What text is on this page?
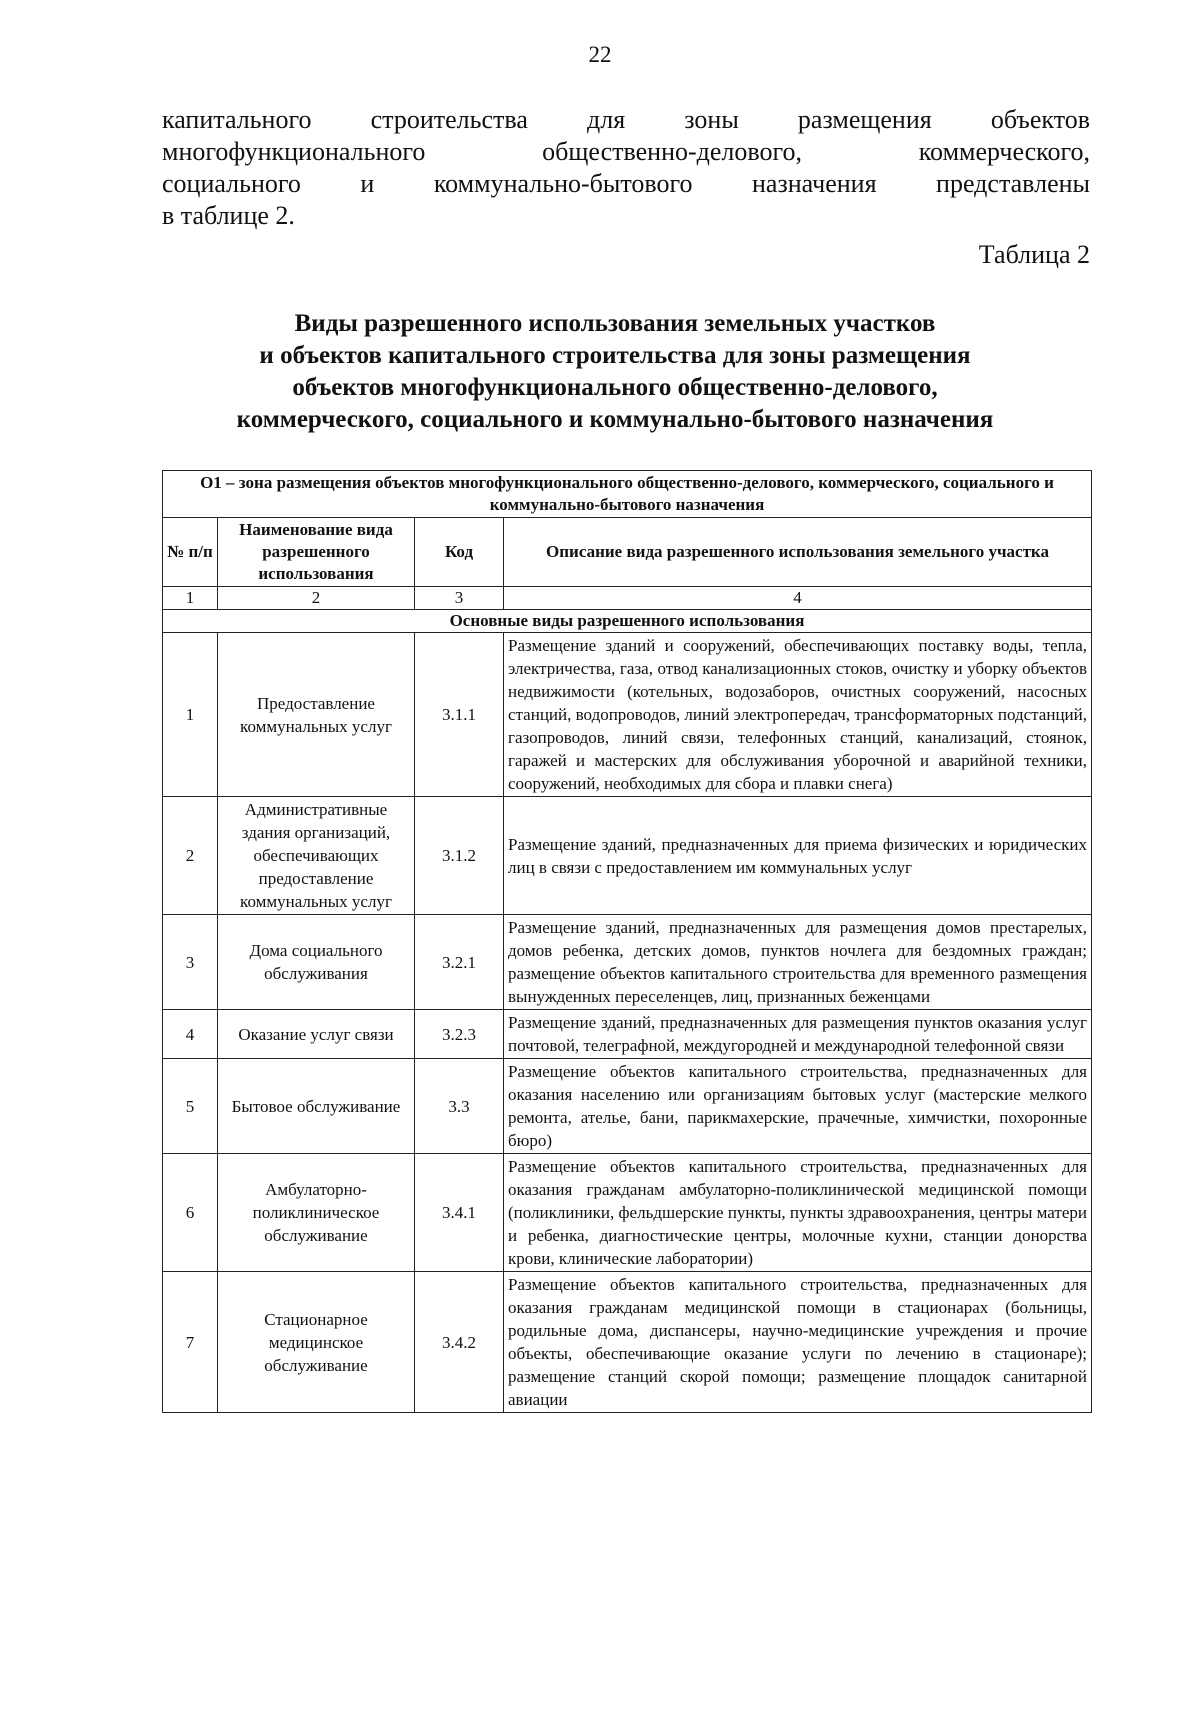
22
капитального строительства для зоны размещения объектов
многофункционального общественно-делового, коммерческого,
социального и коммунально-бытового назначения представлены
в таблице 2.
Таблица 2
Виды разрешенного использования земельных участков
и объектов капитального строительства для зоны размещения
объектов многофункционального общественно-делового,
коммерческого, социального и коммунально-бытового назначения
О1 – зона размещения объектов многофункционального общественно-делового, коммерческого, социального и коммунально-бытового назначения			
№ п/п	Наименование вида разрешенного использования	Код	Описание вида разрешенного использования земельного участка
1	2	3	4
Основные виды разрешенного использования			
1	Предоставление коммунальных услуг	3.1.1	Размещение зданий и сооружений, обеспечивающих поставку воды, тепла, электричества, газа, отвод канализационных стоков, очистку и уборку объектов недвижимости (котельных, водозаборов, очистных сооружений, насосных станций, водопроводов, линий электропередач, трансформаторных подстанций, газопроводов, линий связи, телефонных станций, канализаций, стоянок, гаражей и мастерских для обслуживания уборочной и аварийной техники, сооружений, необходимых для сбора и плавки снега)
2	Административные здания организаций, обеспечивающих предоставление коммунальных услуг	3.1.2	Размещение зданий, предназначенных для приема физических и юридических лиц в связи с предоставлением им коммунальных услуг
3	Дома социального обслуживания	3.2.1	Размещение зданий, предназначенных для размещения домов престарелых, домов ребенка, детских домов, пунктов ночлега для бездомных граждан; размещение объектов капитального строительства для временного размещения вынужденных переселенцев, лиц, признанных беженцами
4	Оказание услуг связи	3.2.3	Размещение зданий, предназначенных для размещения пунктов оказания услуг почтовой, телеграфной, междугородней и международной телефонной связи
5	Бытовое обслуживание	3.3	Размещение объектов капитального строительства, предназначенных для оказания населению или организациям бытовых услуг (мастерские мелкого ремонта, ателье, бани, парикмахерские, прачечные, химчистки, похоронные бюро)
6	Амбулаторно-поликлиническое обслуживание	3.4.1	Размещение объектов капитального строительства, предназначенных для оказания гражданам амбулаторно-поликлинической медицинской помощи (поликлиники, фельдшерские пункты, пункты здравоохранения, центры матери и ребенка, диагностические центры, молочные кухни, станции донорства крови, клинические лаборатории)
7	Стационарное медицинское обслуживание	3.4.2	Размещение объектов капитального строительства, предназначенных для оказания гражданам медицинской помощи в стационарах (больницы, родильные дома, диспансеры, научно-медицинские учреждения и прочие объекты, обеспечивающие оказание услуги по лечению в стационаре); размещение станций скорой помощи; размещение площадок санитарной авиации
